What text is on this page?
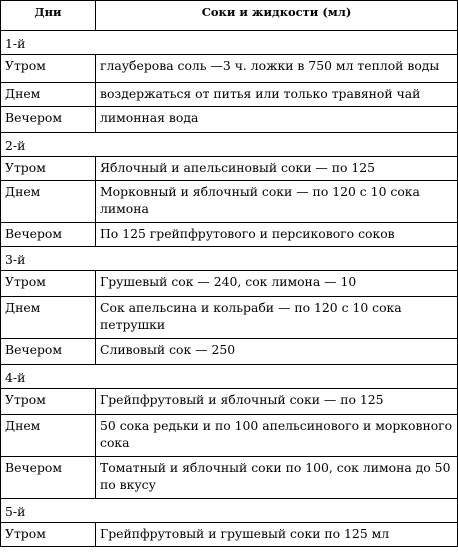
Дни	Соки и жидкости (мл)
1-й	
Утром	глауберова соль —3 ч. ложки в 750 мл теплой воды
Днем	воздержаться от питья или только травяной чай
Вечером	лимонная вода
2-й	
Утром	Яблочный и апельсиновый соки — по 125
Днем	Морковный и яблочный соки — по 120 с 10 сока лимона
Вечером	По 125 грейпфрутового и персикового соков
3-й	
Утром	Грушевый сок — 240, сок лимона — 10
Днем	Сок апельсина и кольраби — по 120 с 10 сока петрушки
Вечером	Сливовый сок — 250
4-й	
Утром	Грейпфрутовый и яблочный соки — по 125
Днем	50 сока редьки и по 100 апельсинового и морковного сока
Вечером	Томатный и яблочный соки по 100, сок лимона до 50 по вкусу
5-й	
Утром	Грейпфрутовый и грушевый соки по 125 мл
